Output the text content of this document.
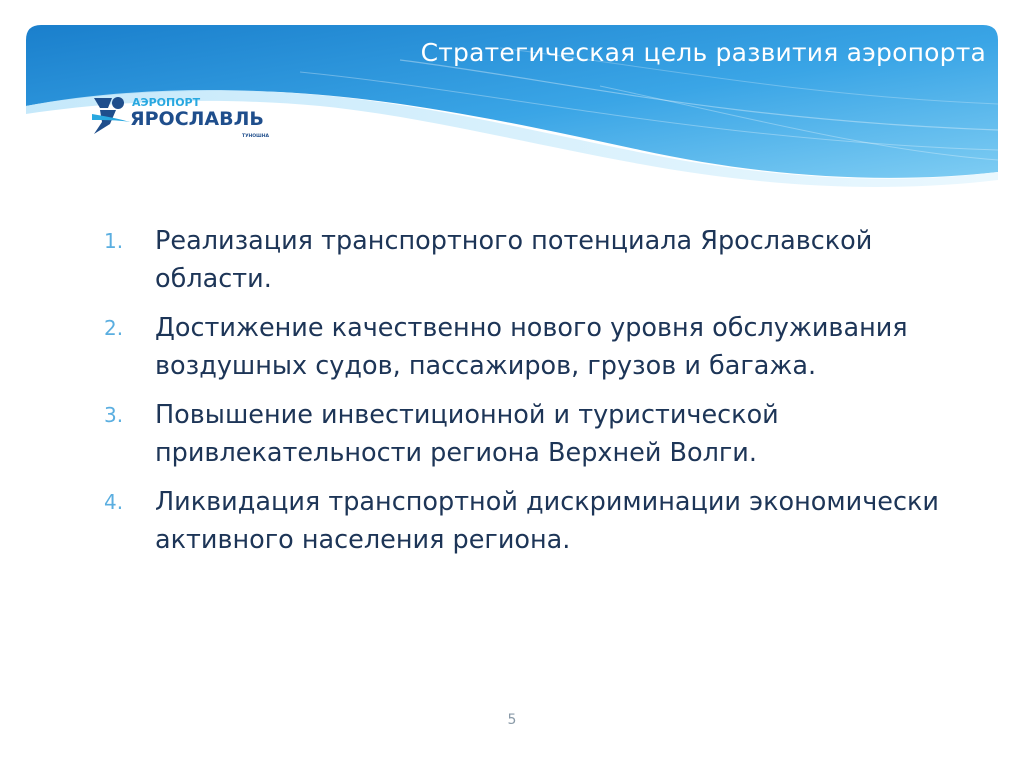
Стратегическая цель развития аэропорта
АЭРОПОРТ
ЯРОСЛАВЛЬ
ТУНОШНА
1.	Реализация транспортного потенциала Ярославской области.
2.	Достижение качественно нового уровня обслуживания воздушных судов, пассажиров, грузов и багажа.
3.	Повышение инвестиционной и туристической привлекательности региона Верхней Волги.
4.	Ликвидация транспортной дискриминации экономически активного населения региона.
5
